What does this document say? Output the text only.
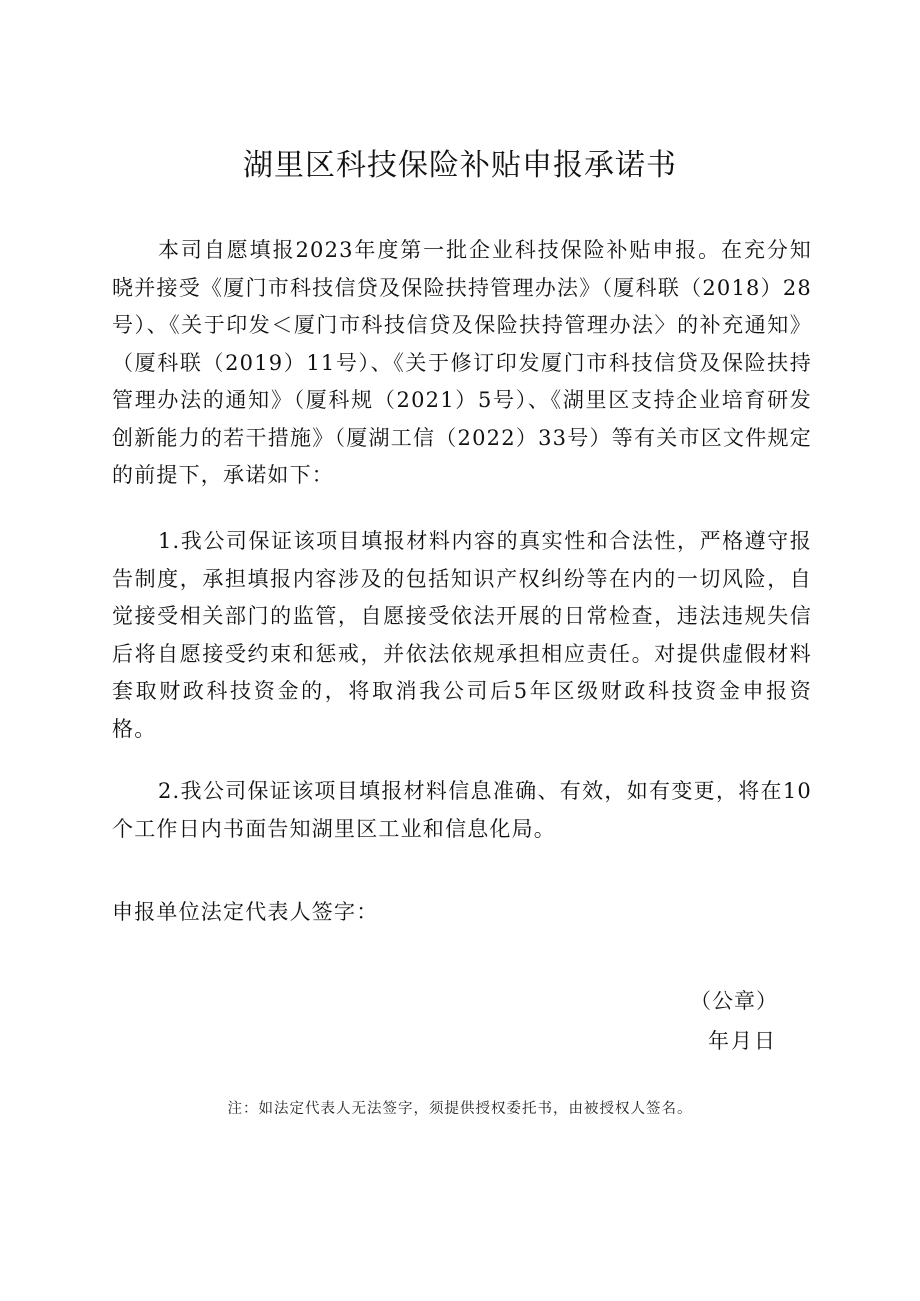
湖里区科技保险补贴申报承诺书
本司自愿填报2023年度第一批企业科技保险补贴申报。在充分知晓并接受《厦门市科技信贷及保险扶持管理办法》（厦科联（2018）28号）、《关于印发＜厦门市科技信贷及保险扶持管理办法〉的补充通知》（厦科联（2019）11号）、《关于修订印发厦门市科技信贷及保险扶持管理办法的通知》（厦科规（2021）5号）、《湖里区支持企业培育研发创新能力的若干措施》（厦湖工信（2022）33号）等有关市区文件规定的前提下，承诺如下：
1.我公司保证该项目填报材料内容的真实性和合法性，严格遵守报告制度，承担填报内容涉及的包括知识产权纠纷等在内的一切风险，自觉接受相关部门的监管，自愿接受依法开展的日常检查，违法违规失信后将自愿接受约束和惩戒，并依法依规承担相应责任。对提供虚假材料套取财政科技资金的，将取消我公司后5年区级财政科技资金申报资格。
2.我公司保证该项目填报材料信息准确、有效，如有变更，将在10个工作日内书面告知湖里区工业和信息化局。
申报单位法定代表人签字：
（公章）
年月日
注：如法定代表人无法签字，须提供授权委托书，由被授权人签名。
